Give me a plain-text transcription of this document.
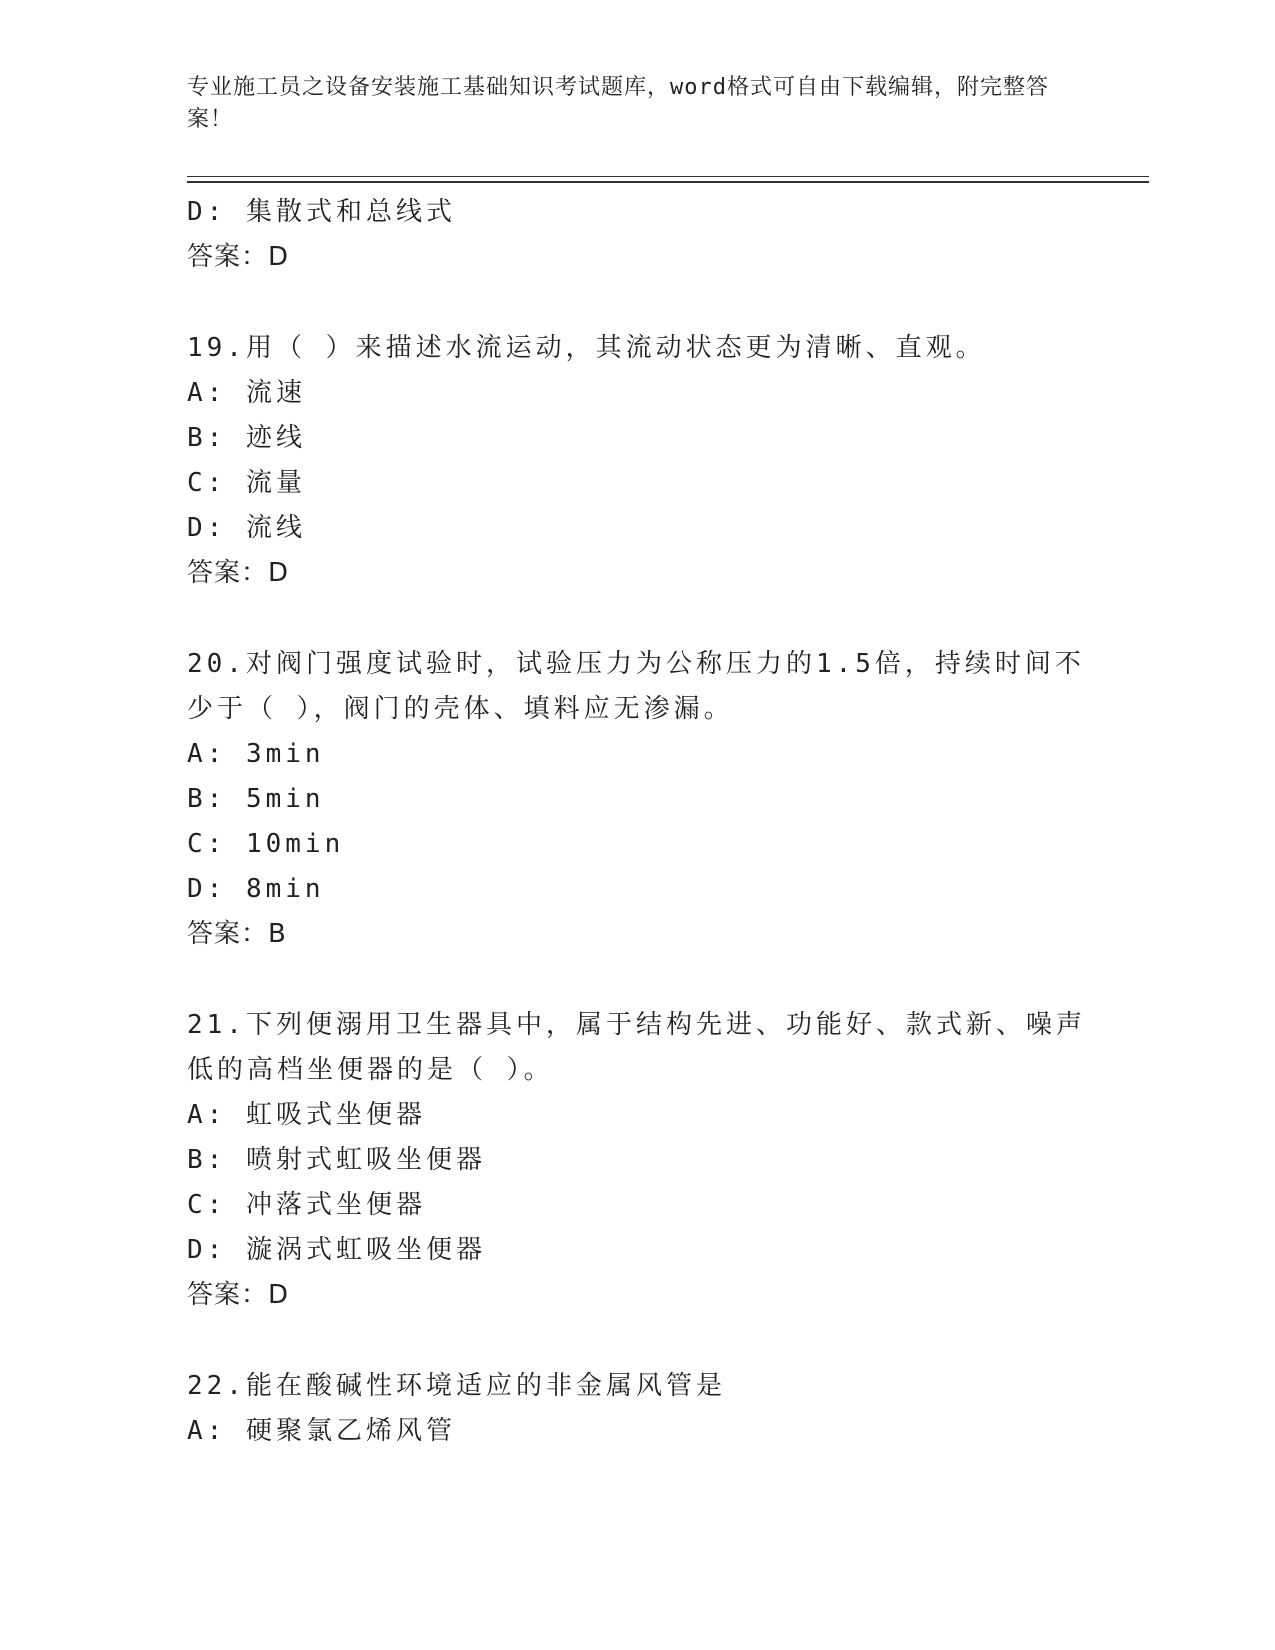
专业施工员之设备安装施工基础知识考试题库，word格式可自由下载编辑，附完整答案！
D: 集散式和总线式
答案：D
19.用（ ）来描述水流运动，其流动状态更为清晰、直观。
A: 流速
B: 迹线
C: 流量
D: 流线
答案：D
20.对阀门强度试验时，试验压力为公称压力的1.5倍，持续时间不少于（ ），阀门的壳体、填料应无渗漏。
A: 3min
B: 5min
C: 10min
D: 8min
答案：B
21.下列便溺用卫生器具中，属于结构先进、功能好、款式新、噪声低的高档坐便器的是（ ）。
A: 虹吸式坐便器
B: 喷射式虹吸坐便器
C: 冲落式坐便器
D: 漩涡式虹吸坐便器
答案：D
22.能在酸碱性环境适应的非金属风管是
A: 硬聚氯乙烯风管
